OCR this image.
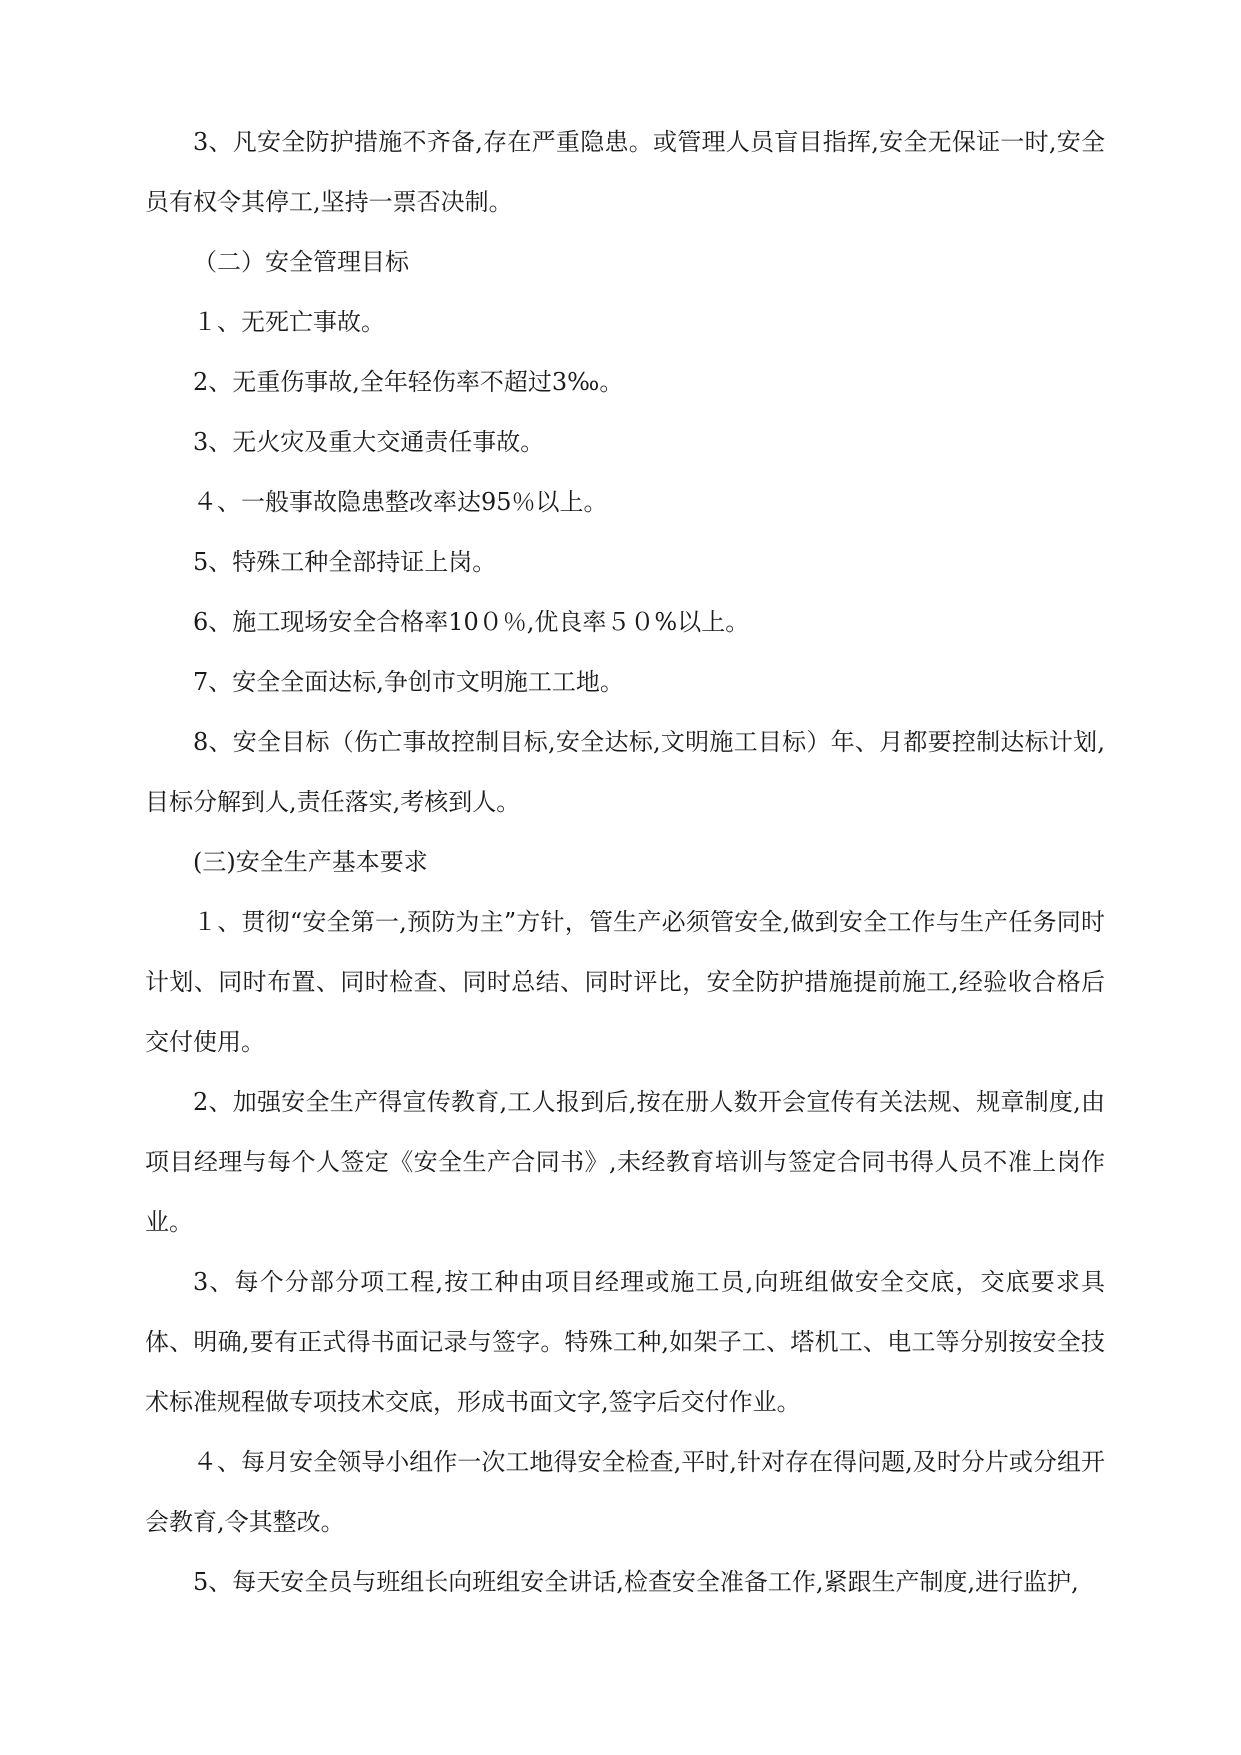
3、凡安全防护措施不齐备,存在严重隐患。或管理人员盲目指挥,安全无保证一时,安全员有权令其停工,坚持一票否决制。

（二）安全管理目标

１、无死亡事故。

2、无重伤事故,全年轻伤率不超过3‰。

3、无火灾及重大交通责任事故。

４、一般事故隐患整改率达95％以上。

5、特殊工种全部持证上岗。

6、施工现场安全合格率10０％,优良率５０%以上。

7、安全全面达标,争创市文明施工工地。

8、安全目标（伤亡事故控制目标,安全达标,文明施工目标）年、月都要控制达标计划,目标分解到人,责任落实,考核到人。

(三)安全生产基本要求

１、贯彻“安全第一,预防为主”方针，管生产必须管安全,做到安全工作与生产任务同时计划、同时布置、同时检查、同时总结、同时评比，安全防护措施提前施工,经验收合格后交付使用。

2、加强安全生产得宣传教育,工人报到后,按在册人数开会宣传有关法规、规章制度,由项目经理与每个人签定《安全生产合同书》,未经教育培训与签定合同书得人员不准上岗作业。

3、每个分部分项工程,按工种由项目经理或施工员,向班组做安全交底，交底要求具体、明确,要有正式得书面记录与签字。特殊工种,如架子工、塔机工、电工等分别按安全技术标准规程做专项技术交底，形成书面文字,签字后交付作业。

４、每月安全领导小组作一次工地得安全检查,平时,针对存在得问题,及时分片或分组开会教育,令其整改。

5、每天安全员与班组长向班组安全讲话,检查安全准备工作,紧跟生产制度,进行监护,
